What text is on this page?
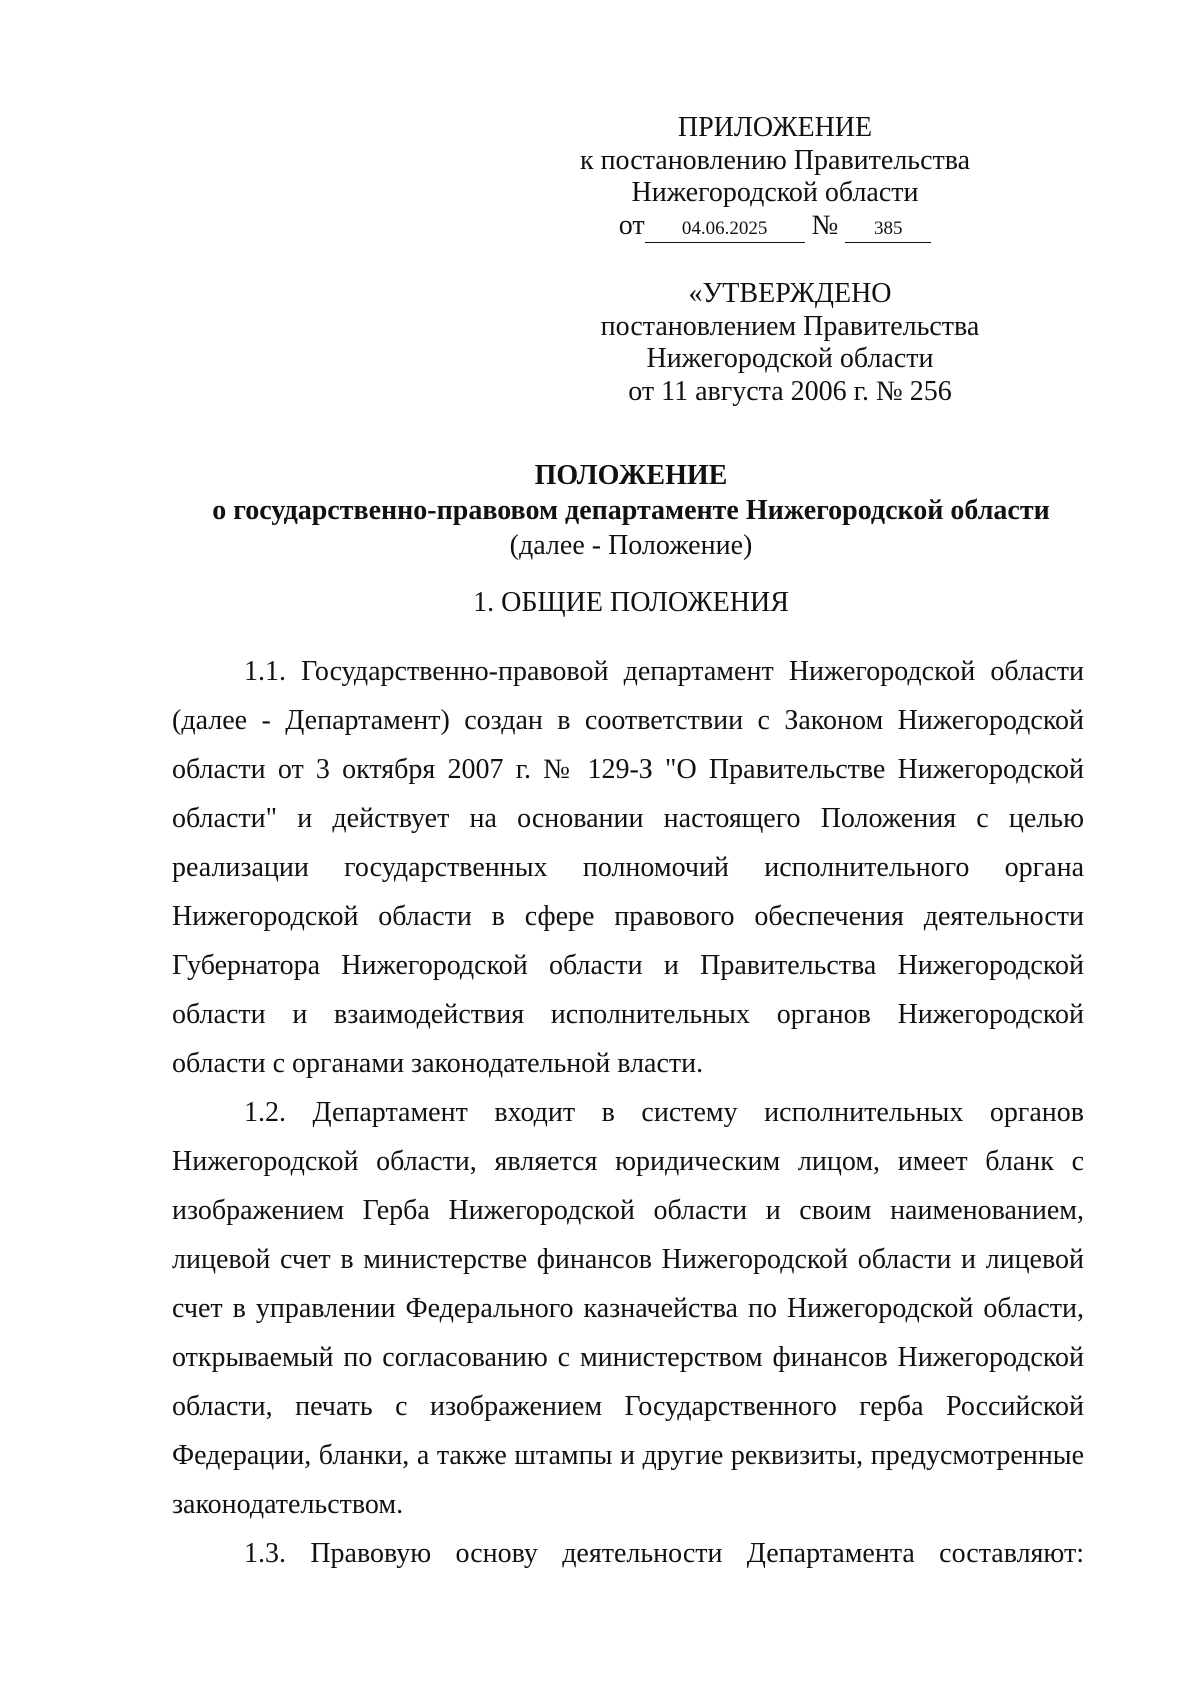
ПРИЛОЖЕНИЕ
к постановлению Правительства
Нижегородской области
от 04.06.2025 № 385
«УТВЕРЖДЕНО
постановлением Правительства
Нижегородской области
от 11 августа 2006 г. № 256
ПОЛОЖЕНИЕ
о государственно-правовом департаменте Нижегородской области
(далее - Положение)
1. ОБЩИЕ ПОЛОЖЕНИЯ

1.1. Государственно-правовой департамент Нижегородской области (далее - Департамент) создан в соответствии с Законом Нижегородской области от 3 октября 2007 г. № 129-З "О Правительстве Нижегородской области" и действует на основании настоящего Положения с целью реализации государственных полномочий исполнительного органа Нижегородской области в сфере правового обеспечения деятельности Губернатора Нижегородской области и Правительства Нижегородской области и взаимодействия исполнительных органов Нижегородской области с органами законодательной власти.

1.2. Департамент входит в систему исполнительных органов Нижегородской области, является юридическим лицом, имеет бланк с изображением Герба Нижегородской области и своим наименованием, лицевой счет в министерстве финансов Нижегородской области и лицевой счет в управлении Федерального казначейства по Нижегородской области, открываемый по согласованию с министерством финансов Нижегородской области, печать с изображением Государственного герба Российской Федерации, бланки, а также штампы и другие реквизиты, предусмотренные законодательством.

1.3. Правовую основу деятельности Департамента составляют:
